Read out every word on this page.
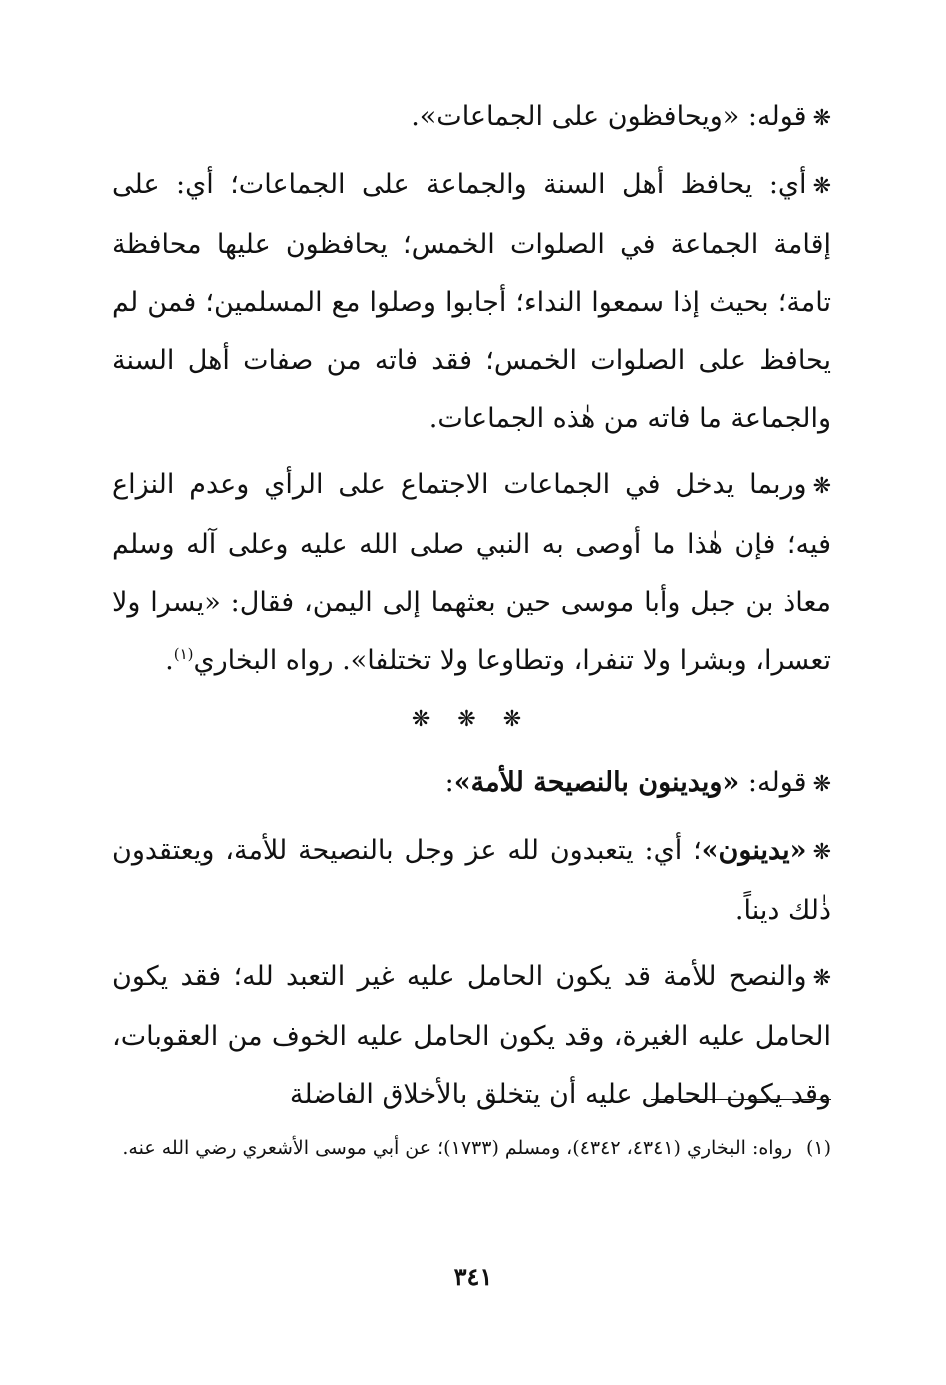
❋قوله: «ويحافظون على الجماعات».

❋أي: يحافظ أهل السنة والجماعة على الجماعات؛ أي: على إقامة الجماعة في الصلوات الخمس؛ يحافظون عليها محافظة تامة؛ بحيث إذا سمعوا النداء؛ أجابوا وصلوا مع المسلمين؛ فمن لم يحافظ على الصلوات الخمس؛ فقد فاته من صفات أهل السنة والجماعة ما فاته من هٰذه الجماعات.

❋وربما يدخل في الجماعات الاجتماع على الرأي وعدم النزاع فيه؛ فإن هٰذا ما أوصى به النبي صلى الله عليه وعلى آله وسلم معاذ بن جبل وأبا موسى حين بعثهما إلى اليمن، فقال: «يسرا ولا تعسرا، وبشرا ولا تنفرا، وتطاوعا ولا تختلفا». رواه البخاري$^{(١)}$.

❋ ❋ ❋

❋قوله: «ويدينون بالنصيحة للأمة»:

❋«يدينون»؛ أي: يتعبدون لله عز وجل بالنصيحة للأمة، ويعتقدون ذٰلك ديناً.

❋والنصح للأمة قد يكون الحامل عليه غير التعبد لله؛ فقد يكون الحامل عليه الغيرة، وقد يكون الحامل عليه الخوف من العقوبات، وقد يكون الحامل عليه أن يتخلق بالأخلاق الفاضلة

(١)رواه: البخاري (٤٣٤١، ٤٣٤٢)، ومسلم (١٧٣٣)؛ عن أبي موسى الأشعري رضي الله عنه.
٣٤١
